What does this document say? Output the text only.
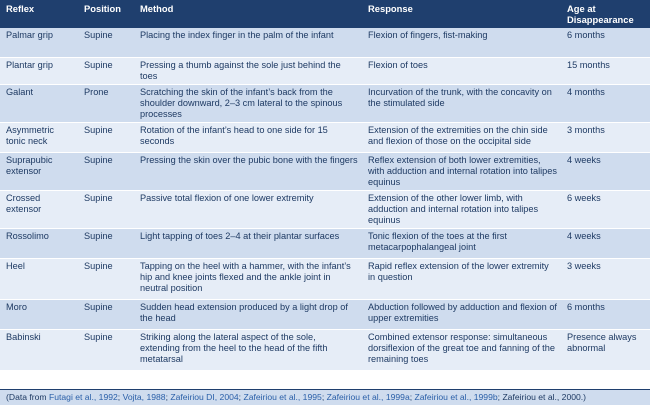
Reflex	Position	Method	Response	Age at Disappearance
Palmar grip	Supine	Placing the index finger in the palm of the infant	Flexion of fingers, fist-making	6 months
Plantar grip	Supine	Pressing a thumb against the sole just behind the toes	Flexion of toes	15 months
Galant	Prone	Scratching the skin of the infant’s back from the shoulder downward, 2–3 cm lateral to the spinous processes	Incurvation of the trunk, with the concavity on the stimulated side	4 months
Asymmetric tonic neck	Supine	Rotation of the infant’s head to one side for 15 seconds	Extension of the extremities on the chin side and flexion of those on the occipital side	3 months
Suprapubic extensor	Supine	Pressing the skin over the pubic bone with the fingers	Reflex extension of both lower extremities, with adduction and internal rotation into talipes equinus	4 weeks
Crossed extensor	Supine	Passive total flexion of one lower extremity	Extension of the other lower limb, with adduction and internal rotation into talipes equinus	6 weeks
Rossolimo	Supine	Light tapping of toes 2–4 at their plantar surfaces	Tonic flexion of the toes at the first metacarpophalangeal joint	4 weeks
Heel	Supine	Tapping on the heel with a hammer, with the infant’s hip and knee joints flexed and the ankle joint in neutral position	Rapid reflex extension of the lower extremity in question	3 weeks
Moro	Supine	Sudden head extension produced by a light drop of the head	Abduction followed by adduction and flexion of upper extremities	6 months
Babinski	Supine	Striking along the lateral aspect of the sole, extending from the heel to the head of the fifth metatarsal	Combined extensor response: simultaneous dorsiflexion of the great toe and fanning of the remaining toes	Presence always abnormal
(Data from Futagi et al., 1992; Vojta, 1988; Zafeiriou DI, 2004; Zafeiriou et al., 1995; Zafeiriou et al., 1999a; Zafeiriou et al., 1999b; Zafeiriou et al., 2000.)
